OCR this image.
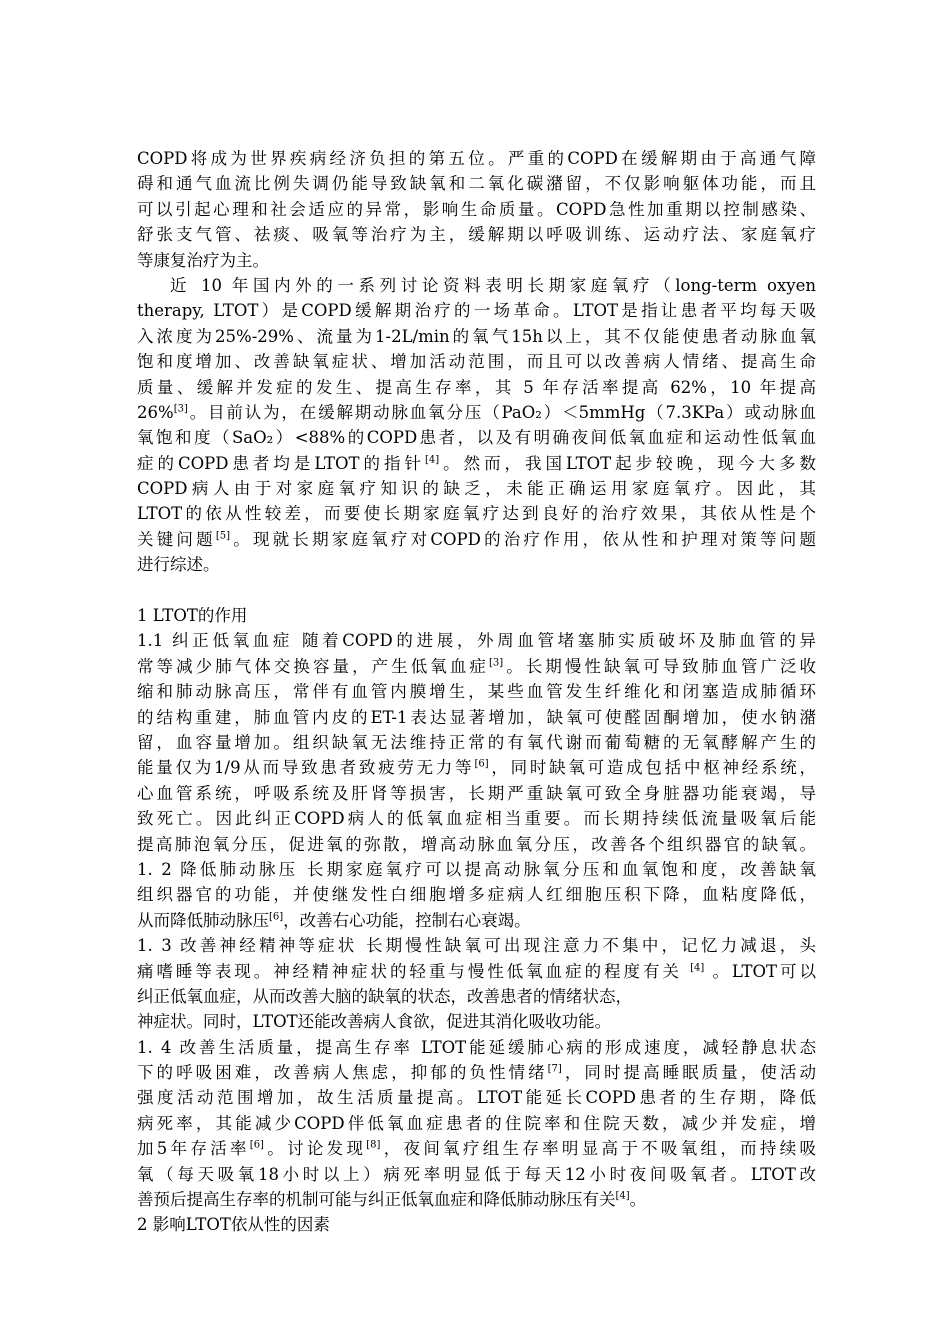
COPD将成为世界疾病经济负担的第五位。严重的COPD在缓解期由于高通气障
碍和通气血流比例失调仍能导致缺氧和二氧化碳潴留，不仅影响躯体功能，而且
可以引起心理和社会适应的异常，影响生命质量。COPD急性加重期以控制感染、
舒张支气管、祛痰、吸氧等治疗为主，缓解期以呼吸训练、运动疗法、家庭氧疗
等康复治疗为主。
近 10 年国内外的一系列讨论资料表明长期家庭氧疗（long-term oxyen
therapy, LTOT）是COPD缓解期治疗的一场革命。LTOT是指让患者平均每天吸
入浓度为25%-29%、流量为1-2L/min的氧气15h以上，其不仅能使患者动脉血氧
饱和度增加、改善缺氧症状、增加活动范围，而且可以改善病人情绪、提高生命
质量、缓解并发症的发生、提高生存率，其 5 年存活率提高 62%，10 年提高
26%[3]。目前认为，在缓解期动脉血氧分压（PaO₂）＜5mmHg（7.3KPa）或动脉血
氧饱和度（SaO₂）<88%的COPD患者，以及有明确夜间低氧血症和运动性低氧血
症的COPD患者均是LTOT的指针[4]。然而，我国LTOT起步较晚，现今大多数
COPD病人由于对家庭氧疗知识的缺乏，未能正确运用家庭氧疗。因此，其
LTOT的依从性较差，而要使长期家庭氧疗达到良好的治疗效果，其依从性是个
关键问题[5]。现就长期家庭氧疗对COPD的治疗作用，依从性和护理对策等问题
进行综述。
1 LTOT的作用
1.1 纠正低氧血症 随着COPD的进展，外周血管堵塞肺实质破坏及肺血管的异
常等减少肺气体交换容量，产生低氧血症[3]。长期慢性缺氧可导致肺血管广泛收
缩和肺动脉高压，常伴有血管内膜增生，某些血管发生纤维化和闭塞造成肺循环
的结构重建，肺血管内皮的ET-1表达显著增加，缺氧可使醛固酮增加，使水钠潴
留，血容量增加。组织缺氧无法维持正常的有氧代谢而葡萄糖的无氧酵解产生的
能量仅为1/9从而导致患者致疲劳无力等[6]，同时缺氧可造成包括中枢神经系统，
心血管系统，呼吸系统及肝肾等损害，长期严重缺氧可致全身脏器功能衰竭，导
致死亡。因此纠正COPD病人的低氧血症相当重要。而长期持续低流量吸氧后能
提高肺泡氧分压，促进氧的弥散，增高动脉血氧分压，改善各个组织器官的缺氧。
1. 2 降低肺动脉压 长期家庭氧疗可以提高动脉氧分压和血氧饱和度，改善缺氧
组织器官的功能，并使继发性白细胞增多症病人红细胞压积下降，血粘度降低，
从而降低肺动脉压[6]，改善右心功能，控制右心衰竭。
1. 3 改善神经精神等症状 长期慢性缺氧可出现注意力不集中，记忆力减退，头
痛嗜睡等表现。神经精神症状的轻重与慢性低氧血症的程度有关 [4] 。LTOT可以
纠正低氧血症，从而改善大脑的缺氧的状态，改善患者的情绪状态，
神症状。同时，LTOT还能改善病人食欲，促进其消化吸收功能。
1. 4 改善生活质量，提高生存率 LTOT能延缓肺心病的形成速度，减轻静息状态
下的呼吸困难，改善病人焦虑，抑郁的负性情绪[7]，同时提高睡眠质量，使活动
强度活动范围增加，故生活质量提高。LTOT能延长COPD患者的生存期，降低
病死率，其能减少COPD伴低氧血症患者的住院率和住院天数，减少并发症，增
加5年存活率[6]。讨论发现[8]，夜间氧疗组生存率明显高于不吸氧组，而持续吸
氧（每天吸氧18小时以上）病死率明显低于每天12小时夜间吸氧者。LTOT改
善预后提高生存率的机制可能与纠正低氧血症和降低肺动脉压有关[4]。
2 影响LTOT依从性的因素
